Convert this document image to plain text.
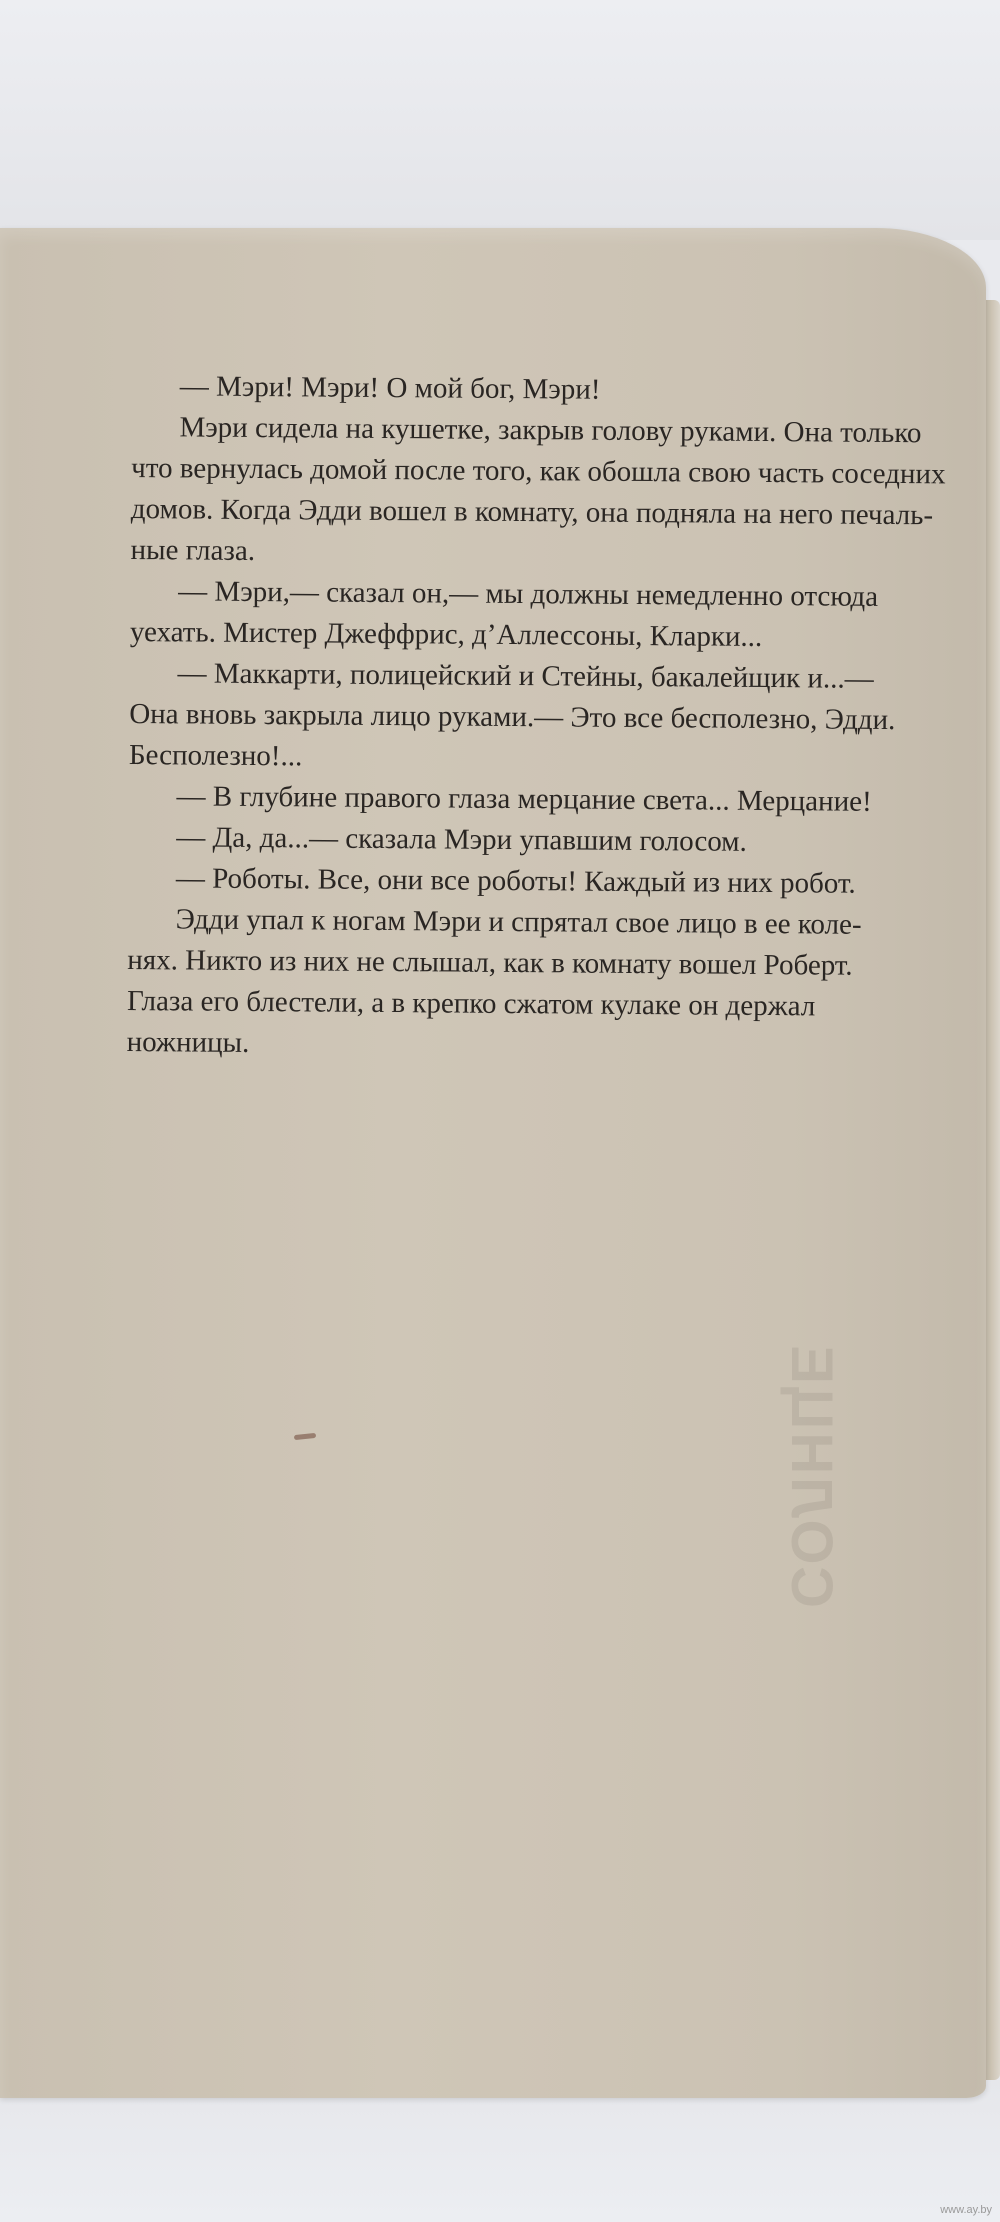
— Мэри! Мэри! О мой бог, Мэри!
Мэри сидела на кушетке, закрыв голову руками. Она только
что вернулась домой после того, как обошла свою часть соседних
домов. Когда Эдди вошел в комнату, она подняла на него печаль-
ные глаза.
— Мэри,— сказал он,— мы должны немедленно отсюда
уехать. Мистер Джеффрис, д’Аллессоны, Кларки...
— Маккарти, полицейский и Стейны, бакалейщик и...—
Она вновь закрыла лицо руками.— Это все бесполезно, Эдди.
Бесполезно!...
— В глубине правого глаза мерцание света... Мерцание!
— Да, да...— сказала Мэри упавшим голосом.
— Роботы. Все, они все роботы! Каждый из них робот.
Эдди упал к ногам Мэри и спрятал свое лицо в ее коле-
нях. Никто из них не слышал, как в комнату вошел Роберт.
Глаза его блестели, а в крепко сжатом кулаке он держал
ножницы.
СОЛНЦЕ
www.ay.by
